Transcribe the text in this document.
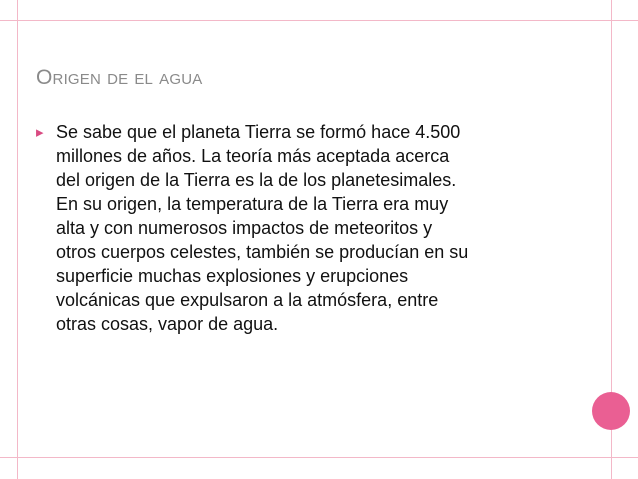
Origen de el agua
▸ Se sabe que el planeta Tierra se formó hace 4.500
millones de años. La teoría más aceptada acerca
del origen de la Tierra es la de los planetesimales.
En su origen, la temperatura de la Tierra era muy
alta y con numerosos impactos de meteoritos y
otros cuerpos celestes, también se producían en su
superficie muchas explosiones y erupciones
volcánicas que expulsaron a la atmósfera, entre
otras cosas, vapor de agua.
